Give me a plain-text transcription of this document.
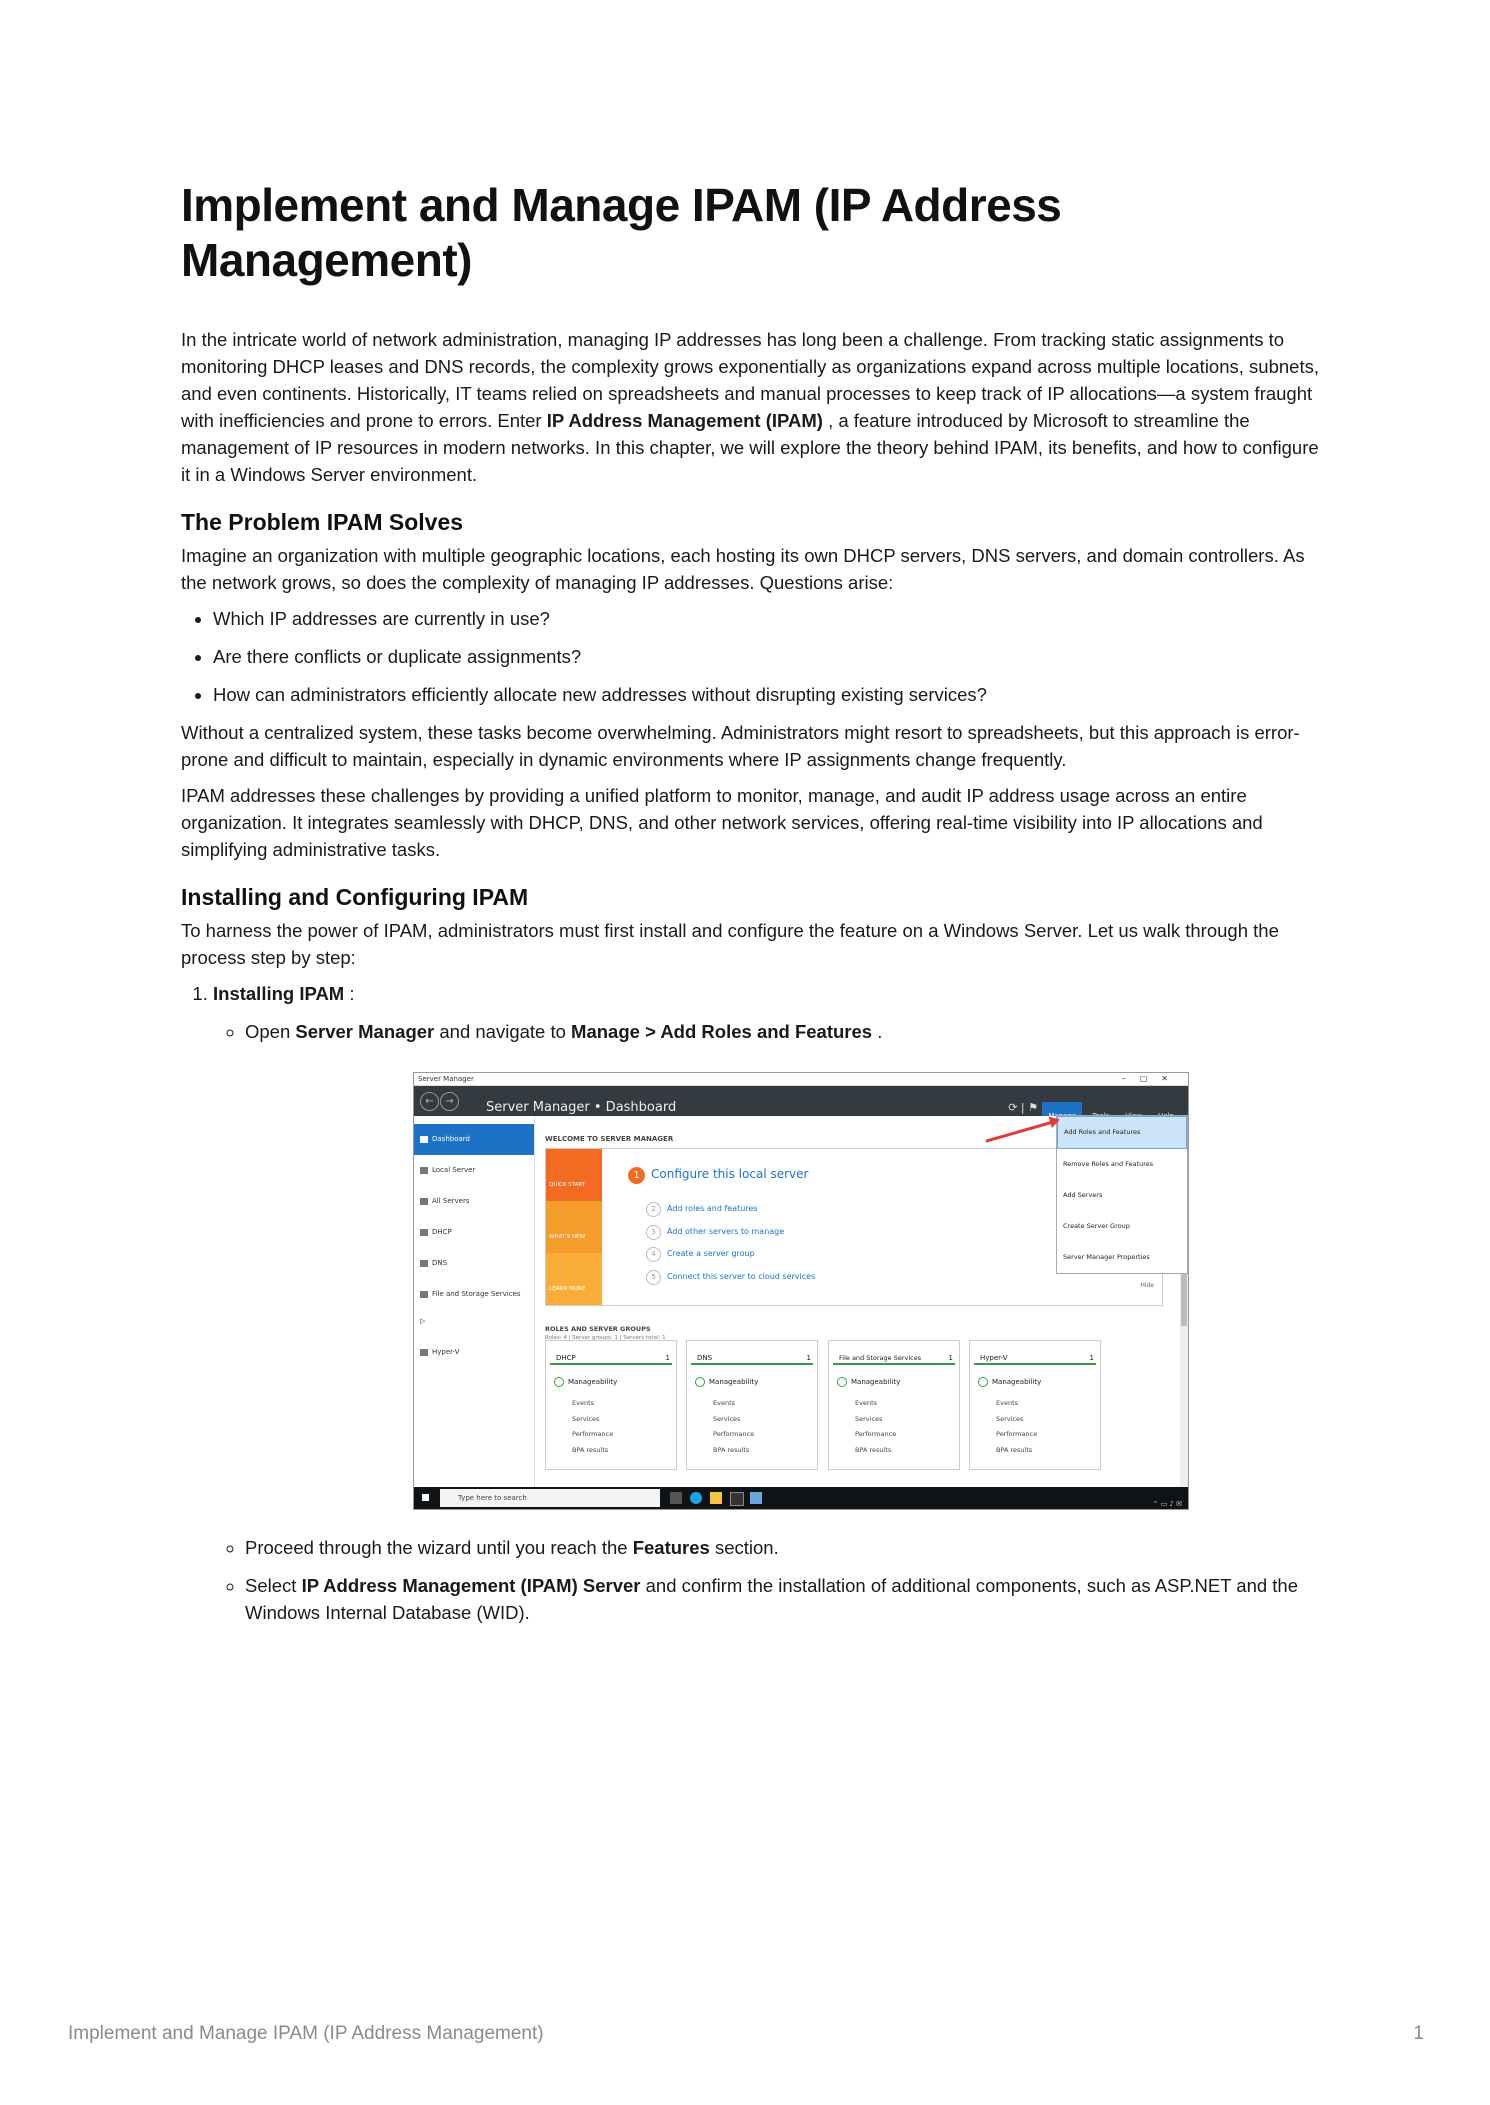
Implement and Manage IPAM (IP Address Management)

In the intricate world of network administration, managing IP addresses has long been a challenge. From tracking static assignments to monitoring DHCP leases and DNS records, the complexity grows exponentially as organizations expand across multiple locations, subnets, and even continents. Historically, IT teams relied on spreadsheets and manual processes to keep track of IP allocations—a system fraught with inefficiencies and prone to errors. Enter IP Address Management (IPAM) , a feature introduced by Microsoft to streamline the management of IP resources in modern networks. In this chapter, we will explore the theory behind IPAM, its benefits, and how to configure it in a Windows Server environment.

The Problem IPAM Solves

Imagine an organization with multiple geographic locations, each hosting its own DHCP servers, DNS servers, and domain controllers. As the network grows, so does the complexity of managing IP addresses. Questions arise:

• Which IP addresses are currently in use?
• Are there conflicts or duplicate assignments?
• How can administrators efficiently allocate new addresses without disrupting existing services?

Without a centralized system, these tasks become overwhelming. Administrators might resort to spreadsheets, but this approach is error-prone and difficult to maintain, especially in dynamic environments where IP assignments change frequently.

IPAM addresses these challenges by providing a unified platform to monitor, manage, and audit IP address usage across an entire organization. It integrates seamlessly with DHCP, DNS, and other network services, offering real-time visibility into IP allocations and simplifying administrative tasks.

Installing and Configuring IPAM

To harness the power of IPAM, administrators must first install and configure the feature on a Windows Server. Let us walk through the process step by step:

1. Installing IPAM :
◦ Open Server Manager and navigate to Manage > Add Roles and Features .
Server Manager	–▢✕
←	→	Server Manager • Dashboard	⟳ | ⚑
Add Roles and Features
Remove Roles and Features
Add Servers
Create Server Group
Server Manager Properties
Dashboard
Local Server
All Servers
DHCP
DNS
File and Storage Services ▷
Hyper-V
WELCOME TO SERVER MANAGER
QUICK START
WHAT'S NEW
LEARN MORE
1 Configure this local server
2 Add roles and features
3 Add other servers to manage
4 Create a server group
5 Connect this server to cloud services
Hide
ROLES AND SERVER GROUPS
Roles: 4 | Server groups: 1 | Servers total: 1
DHCP	1
Manageability
Events
Services
Performance
BPA results
DNS	1
Manageability
Events
Services
Performance
BPA results
File and Storage Services	1
Manageability
Events
Services
Performance
BPA results
Hyper-V	1
Manageability
Events
Services
Performance
BPA results
Type here to search
⌃ ▭ ♪ ✉
◦ Proceed through the wizard until you reach the Features section.
◦ Select IP Address Management (IPAM) Server and confirm the installation of additional components, such as ASP.NET and the Windows Internal Database (WID).
Implement and Manage IPAM (IP Address Management)	1
